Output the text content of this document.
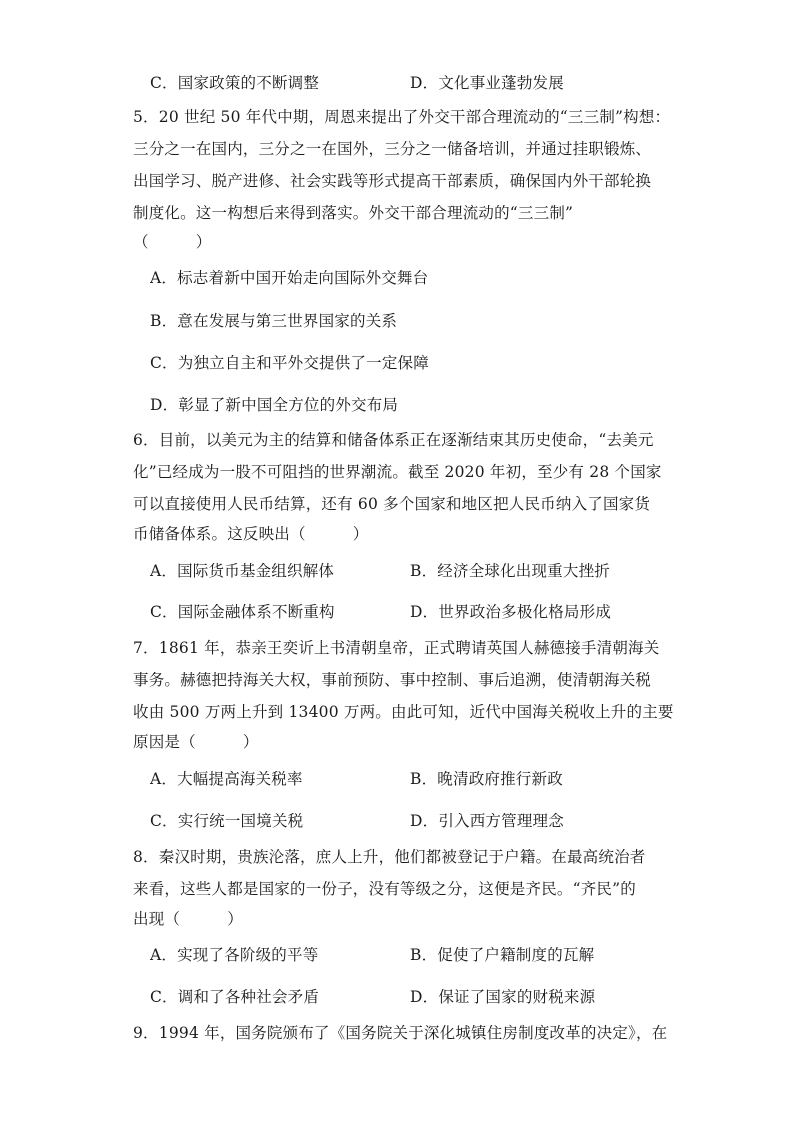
C．国家政策的不断调整	D．文化事业蓬勃发展
5．20 世纪 50 年代中期，周恩来提出了外交干部合理流动的“三三制”构想：
三分之一在国内，三分之一在国外，三分之一储备培训，并通过挂职锻炼、
出国学习、脱产进修、社会实践等形式提高干部素质，确保国内外干部轮换
制度化。这一构想后来得到落实。外交干部合理流动的“三三制”
（　　　）
A．标志着新中国开始走向国际外交舞台
B．意在发展与第三世界国家的关系
C．为独立自主和平外交提供了一定保障
D．彰显了新中国全方位的外交布局
6．目前，以美元为主的结算和储备体系正在逐渐结束其历史使命，“去美元
化”已经成为一股不可阻挡的世界潮流。截至 2020 年初，至少有 28 个国家
可以直接使用人民币结算，还有 60 多个国家和地区把人民币纳入了国家货
币储备体系。这反映出（　　　）
A．国际货币基金组织解体	B．经济全球化出现重大挫折
C．国际金融体系不断重构	D．世界政治多极化格局形成
7．1861 年，恭亲王奕䜣上书清朝皇帝，正式聘请英国人赫德接手清朝海关
事务。赫德把持海关大权，事前预防、事中控制、事后追溯，使清朝海关税
收由 500 万两上升到 13400 万两。由此可知，近代中国海关税收上升的主要
原因是（　　　）
A．大幅提高海关税率	B．晚清政府推行新政
C．实行统一国境关税	D．引入西方管理理念
8．秦汉时期，贵族沦落，庶人上升，他们都被登记于户籍。在最高统治者
来看，这些人都是国家的一份子，没有等级之分，这便是齐民。“齐民”的
出现（　　　）
A．实现了各阶级的平等	B．促使了户籍制度的瓦解
C．调和了各种社会矛盾	D．保证了国家的财税来源
9．1994 年，国务院颁布了《国务院关于深化城镇住房制度改革的决定》，在
